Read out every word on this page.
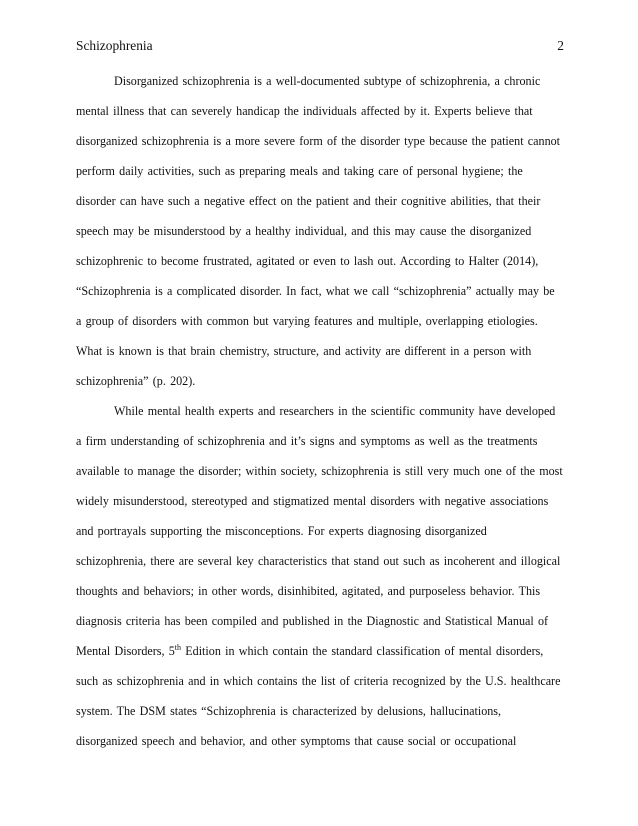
Schizophrenia	2
Disorganized schizophrenia is a well-documented subtype of schizophrenia, a chronic
mental illness that can severely handicap the individuals affected by it. Experts believe that
disorganized schizophrenia is a more severe form of the disorder type because the patient cannot
perform daily activities, such as preparing meals and taking care of personal hygiene; the
disorder can have such a negative effect on the patient and their cognitive abilities, that their
speech may be misunderstood by a healthy individual, and this may cause the disorganized
schizophrenic to become frustrated, agitated or even to lash out. According to Halter (2014),
“Schizophrenia is a complicated disorder. In fact, what we call “schizophrenia” actually may be
a group of disorders with common but varying features and multiple, overlapping etiologies.
What is known is that brain chemistry, structure, and activity are different in a person with
schizophrenia” (p. 202).
While mental health experts and researchers in the scientific community have developed
a firm understanding of schizophrenia and it’s signs and symptoms as well as the treatments
available to manage the disorder; within society, schizophrenia is still very much one of the most
widely misunderstood, stereotyped and stigmatized mental disorders with negative associations
and portrayals supporting the misconceptions. For experts diagnosing disorganized
schizophrenia, there are several key characteristics that stand out such as incoherent and illogical
thoughts and behaviors; in other words, disinhibited, agitated, and purposeless behavior. This
diagnosis criteria has been compiled and published in the Diagnostic and Statistical Manual of
Mental Disorders, 5th Edition in which contain the standard classification of mental disorders,
such as schizophrenia and in which contains the list of criteria recognized by the U.S. healthcare
system. The DSM states “Schizophrenia is characterized by delusions, hallucinations,
disorganized speech and behavior, and other symptoms that cause social or occupational
